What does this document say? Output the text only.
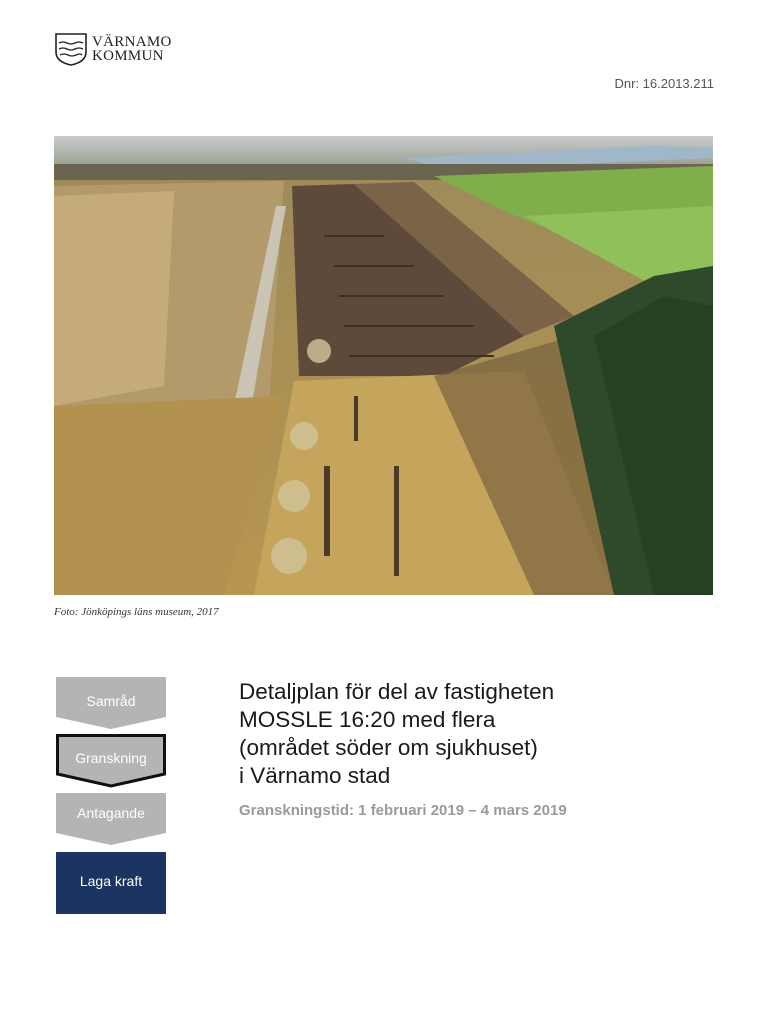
VÄRNAMO
KOMMUN
Dnr: 16.2013.211
Foto: Jönköpings läns museum, 2017
Samråd
Granskning
Antagande
Laga kraft
Detaljplan för del av fastigheten
MOSSLE 16:20 med flera
(området söder om sjukhuset)
i Värnamo stad
Granskningstid: 1 februari 2019 – 4 mars 2019
